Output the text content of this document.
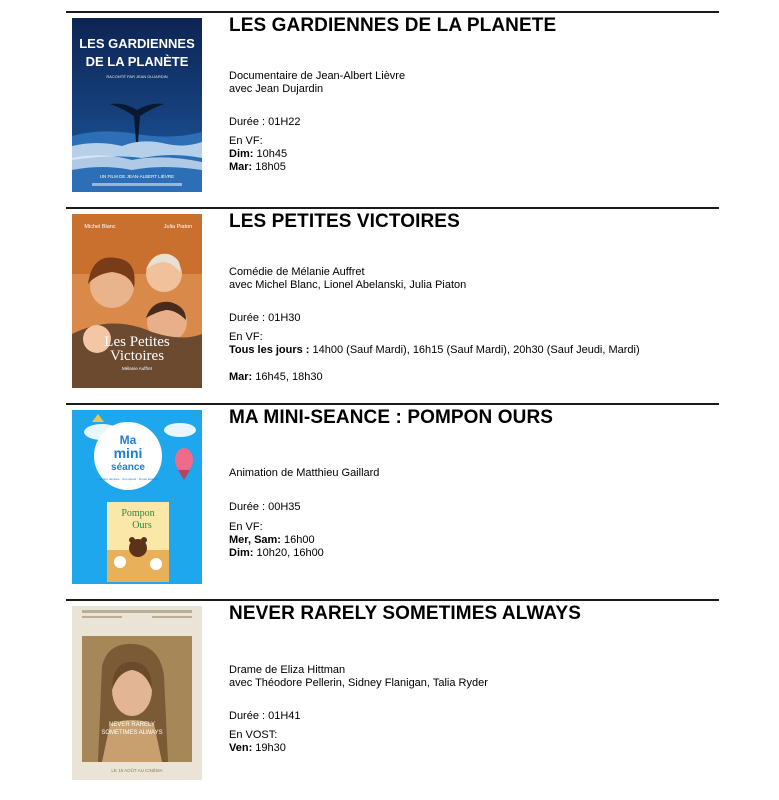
LES GARDIENNES
DE LA PLANÈTE
RACONTÉ PAR JEAN DUJARDIN
UN FILM DE JEAN-ALBERT LIÈVRE
LES GARDIENNES DE LA PLANETE
Documentaire de Jean-Albert Lièvre
avec Jean Dujardin
Durée : 01H22
En VF:
Dim: 10h45
Mar: 18h05
Michel Blanc	Julia Piaton
Les Petites
Victoires
Mélanie Auffret
LES PETITES VICTOIRES
Comédie de Mélanie Auffret
avec Michel Blanc, Lionel Abelanski, Julia Piaton
Durée : 01H30
En VF:
Tous les jours : 14h00 (Sauf Mardi), 16h15 (Sauf Mardi), 20h30 (Sauf Jeudi, Mardi)
Mar: 16h45, 18h30
Ma
mini
séance
Lumière tamisée · Son ajusté · Durée adaptée
Pompon
Ours
MA MINI-SEANCE : POMPON OURS
Animation de Matthieu Gaillard
Durée : 00H35
En VF:
Mer, Sam: 16h00
Dim: 10h20, 16h00
NEVER RARELY
SOMETIMES ALWAYS
LE 19 AOÛT AU CINÉMA
NEVER RARELY SOMETIMES ALWAYS
Drame de Eliza Hittman
avec Théodore Pellerin, Sidney Flanigan, Talia Ryder
Durée : 01H41
En VOST:
Ven: 19h30
